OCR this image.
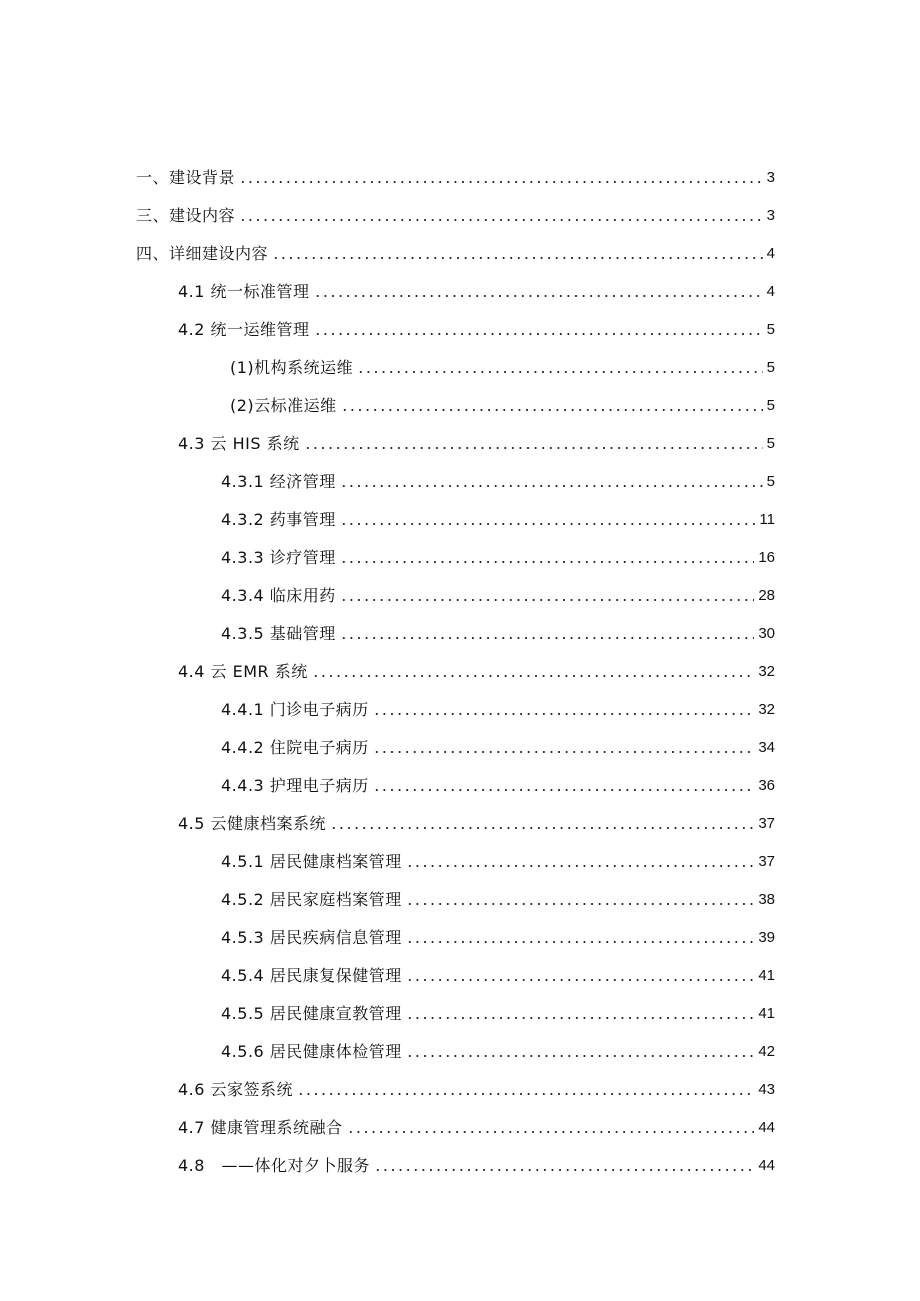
一、建设背景	3
三、建设内容	3
四、详细建设内容	4
4.1 统一标准管理	4
4.2 统一运维管理	5
(1)机构系统运维	5
(2)云标准运维	5
4.3 云 HIS 系统	5
4.3.1 经济管理	5
4.3.2 药事管理	11
4.3.3 诊疗管理	16
4.3.4 临床用药	28
4.3.5 基础管理	30
4.4 云 EMR 系统	32
4.4.1 门诊电子病历	32
4.4.2 住院电子病历	34
4.4.3 护理电子病历	36
4.5 云健康档案系统	37
4.5.1 居民健康档案管理	37
4.5.2 居民家庭档案管理	38
4.5.3 居民疾病信息管理	39
4.5.4 居民康复保健管理	41
4.5.5 居民健康宣教管理	41
4.5.6 居民健康体检管理	42
4.6 云家签系统	43
4.7 健康管理系统融合	44
4.8　——体化对夕卜服务	44
